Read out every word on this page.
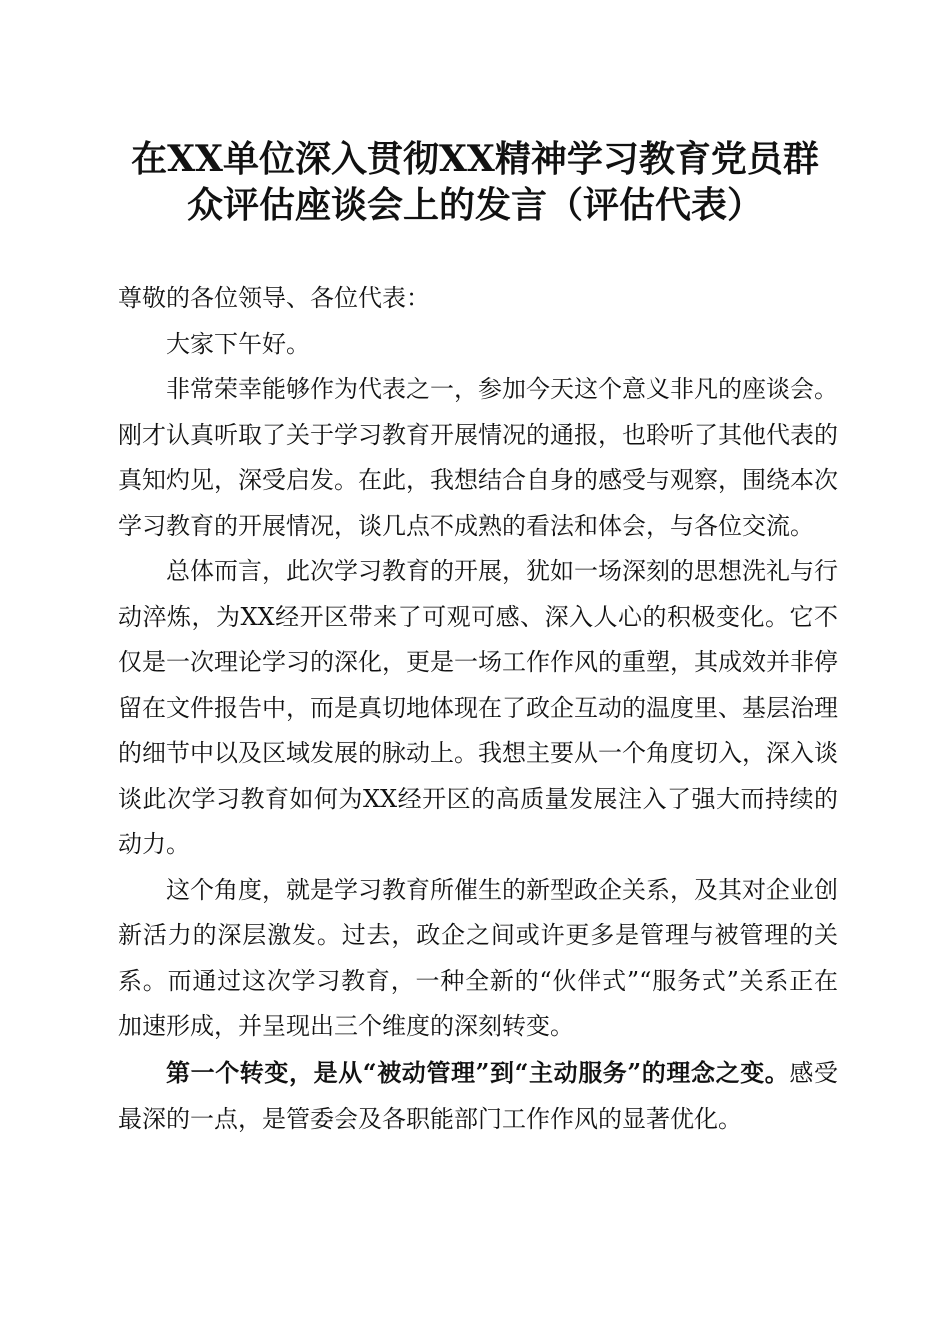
在XX单位深入贯彻XX精神学习教育党员群
众评估座谈会上的发言（评估代表）

尊敬的各位领导、各位代表：

大家下午好。

非常荣幸能够作为代表之一，参加今天这个意义非凡的座谈会。刚才认真听取了关于学习教育开展情况的通报，也聆听了其他代表的真知灼见，深受启发。在此，我想结合自身的感受与观察，围绕本次学习教育的开展情况，谈几点不成熟的看法和体会，与各位交流。

总体而言，此次学习教育的开展，犹如一场深刻的思想洗礼与行动淬炼，为XX经开区带来了可观可感、深入人心的积极变化。它不仅是一次理论学习的深化，更是一场工作作风的重塑，其成效并非停留在文件报告中，而是真切地体现在了政企互动的温度里、基层治理的细节中以及区域发展的脉动上。我想主要从一个角度切入，深入谈谈此次学习教育如何为XX经开区的高质量发展注入了强大而持续的动力。

这个角度，就是学习教育所催生的新型政企关系，及其对企业创新活力的深层激发。过去，政企之间或许更多是管理与被管理的关系。而通过这次学习教育，一种全新的“伙伴式”“服务式”关系正在加速形成，并呈现出三个维度的深刻转变。

第一个转变，是从“被动管理”到“主动服务”的理念之变。感受最深的一点，是管委会及各职能部门工作作风的显著优化。
